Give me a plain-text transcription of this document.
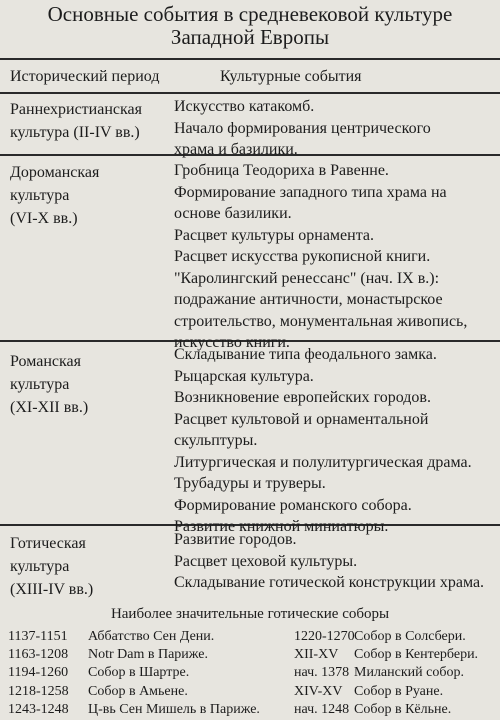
Основные события в средневековой культуре
Западной Европы
Исторический период	Культурные события
Раннехристианская
культура (II-IV вв.)
Искусство катакомб.
Начало формирования центрического
храма и базилики.
Дороманская
культура
(VI-X вв.)
Гробница Теодориха в Равенне.
Формирование западного типа храма на
основе базилики.
Расцвет культуры орнамента.
Расцвет искусства рукописной книги.
"Каролингский ренессанс" (нач. IX в.):
подражание античности, монастырское
строительство, монументальная живопись,
искусство книги.
Романская
культура
(XI-XII вв.)
Складывание типа феодального замка.
Рыцарская культура.
Возникновение европейских городов.
Расцвет культовой и орнаментальной
скульптуры.
Литургическая и полулитургическая драма.
Трубадуры и труверы.
Формирование романского собора.
Развитие книжной миниатюры.
Готическая
культура
(XIII-IV вв.)
Развитие городов.
Расцвет цеховой культуры.
Складывание готической конструкции храма.
Наиболее значительные готические соборы
1137-1151 Аббатство Сен Дени.
1163-1208 Notr Dam в Париже.
1194-1260 Собор в Шартре.
1218-1258 Собор в Амьене.
1243-1248 Ц-вь Сен Мишель в Париже.
1220-1270Собор в Солсбери.
XII-XV Собор в Кентербери.
нач. 1378 Миланский собор.
XIV-XV Собор в Руане.
нач. 1248 Собор в Кёльне.
